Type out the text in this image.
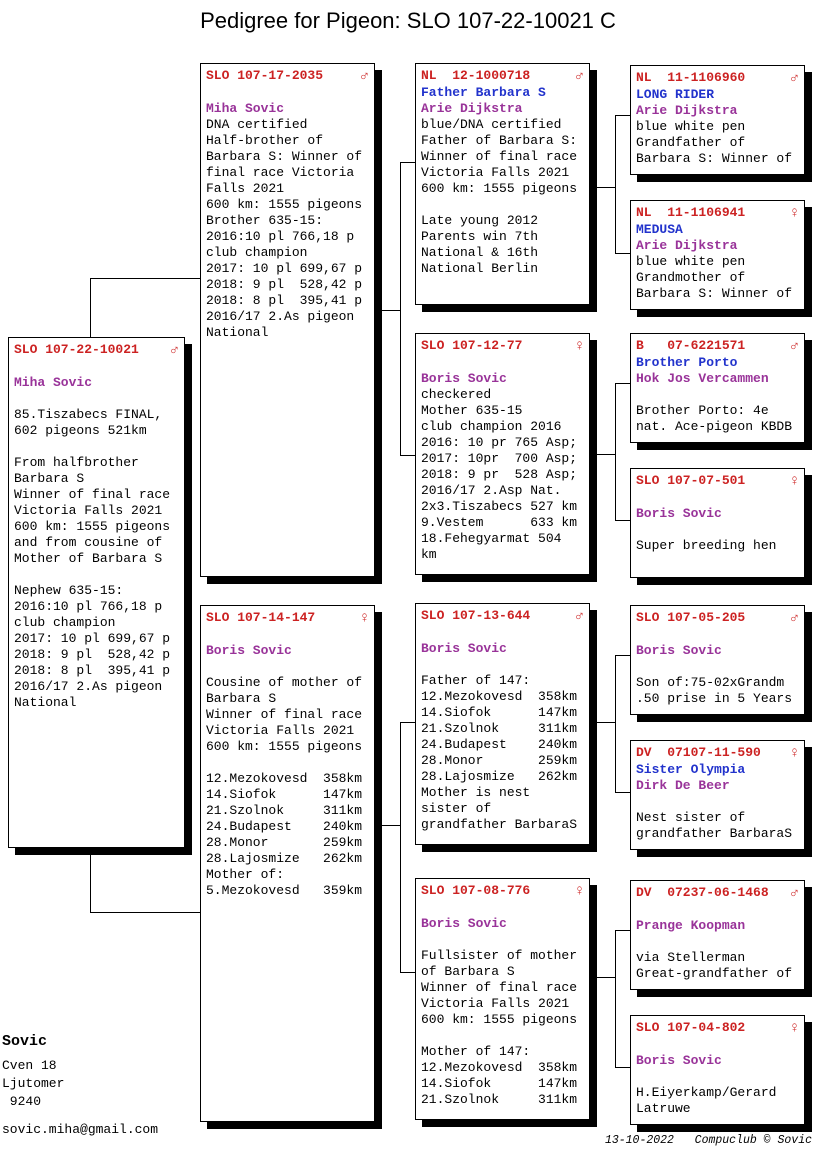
Pedigree for Pigeon: SLO 107-22-10021 C
SLO 107-22-10021 ♂

Miha Sovic

85.Tiszabecs FINAL,
602 pigeons 521km

From halfbrother
Barbara S
Winner of final race
Victoria Falls 2021
600 km: 1555 pigeons
and from cousine of
Mother of Barbara S

Nephew 635-15:
2016:10 pl 766,18 p
club champion
2017: 10 pl 699,67 p
2018: 9 pl  528,42 p
2018: 8 pl  395,41 p
2016/17 2.As pigeon
National
SLO 107-17-2035 ♂

Miha Sovic
DNA certified
Half-brother of
Barbara S: Winner of
final race Victoria
Falls 2021
600 km: 1555 pigeons
Brother 635-15:
2016:10 pl 766,18 p
club champion
2017: 10 pl 699,67 p
2018: 9 pl  528,42 p
2018: 8 pl  395,41 p
2016/17 2.As pigeon
National
SLO 107-14-147	♀

Boris Sovic

Cousine of mother of
Barbara S
Winner of final race
Victoria Falls 2021
600 km: 1555 pigeons

12.Mezokovesd  358km
14.Siofok      147km
21.Szolnok     311km
24.Budapest    240km
28.Monor       259km
28.Lajosmize   262km
Mother of:
5.Mezokovesd   359km
NL  12-1000718	♂
Father Barbara S
Arie Dijkstra
blue/DNA certified
Father of Barbara S:
Winner of final race
Victoria Falls 2021
600 km: 1555 pigeons

Late young 2012
Parents win 7th
National & 16th
National Berlin
SLO 107-12-77	♀

Boris Sovic
checkered
Mother 635-15
club champion 2016
2016: 10 pr 765 Asp;
2017: 10pr  700 Asp;
2018: 9 pr  528 Asp;
2016/17 2.Asp Nat.
2x3.Tiszabecs 527 km
9.Vestem      633 km
18.Fehegyarmat 504
km
SLO 107-13-644	♂

Boris Sovic

Father of 147:
12.Mezokovesd  358km
14.Siofok      147km
21.Szolnok     311km
24.Budapest    240km
28.Monor       259km
28.Lajosmize   262km
Mother is nest
sister of
grandfather BarbaraS
SLO 107-08-776	♀

Boris Sovic

Fullsister of mother
of Barbara S
Winner of final race
Victoria Falls 2021
600 km: 1555 pigeons

Mother of 147:
12.Mezokovesd  358km
14.Siofok      147km
21.Szolnok     311km
NL  11-1106960	♂
LONG RIDER
Arie Dijkstra
blue white pen
Grandfather of
Barbara S: Winner of
NL  11-1106941	♀
MEDUSA
Arie Dijkstra
blue white pen
Grandmother of
Barbara S: Winner of
B   07-6221571	♂
Brother Porto
Hok Jos Vercammen

Brother Porto: 4e
nat. Ace-pigeon KBDB
SLO 107-07-501	♀

Boris Sovic

Super breeding hen
SLO 107-05-205	♂

Boris Sovic

Son of:75-02xGrandm
.50 prise in 5 Years
DV  07107-11-590 ♀
Sister Olympia
Dirk De Beer

Nest sister of
grandfather BarbaraS
DV  07237-06-1468 ♂

Prange Koopman

via Stellerman
Great-grandfather of
SLO 107-04-802	♀

Boris Sovic

H.Eiyerkamp/Gerard
Latruwe
Sovic
Cven 18
Ljutomer
9240
sovic.miha@gmail.com
13-10-2022 Compuclub © Sovic
